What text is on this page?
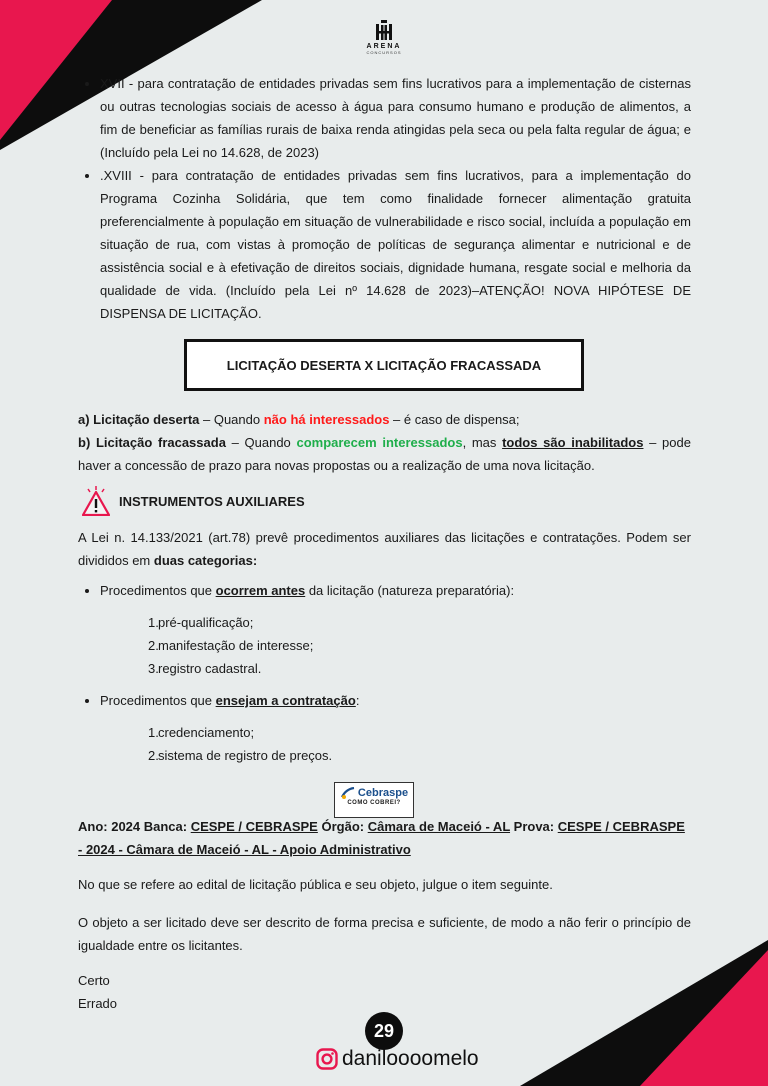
ARENA
CONCURSOS
• XVII - para contratação de entidades privadas sem fins lucrativos para a implementação de cisternas ou outras tecnologias sociais de acesso à água para consumo humano e produção de alimentos, a fim de beneficiar as famílias rurais de baixa renda atingidas pela seca ou pela falta regular de água; e (Incluído pela Lei no 14.628, de 2023)
• .XVIII - para contratação de entidades privadas sem fins lucrativos, para a implementação do Programa Cozinha Solidária, que tem como finalidade fornecer alimentação gratuita preferencialmente à população em situação de vulnerabilidade e risco social, incluída a população em situação de rua, com vistas à promoção de políticas de segurança alimentar e nutricional e de assistência social e à efetivação de direitos sociais, dignidade humana, resgate social e melhoria da qualidade de vida. (Incluído pela Lei nº 14.628 de 2023)–ATENÇÃO! NOVA HIPÓTESE DE DISPENSA DE LICITAÇÃO.
LICITAÇÃO DESERTA X LICITAÇÃO FRACASSADA

a) Licitação deserta – Quando não há interessados – é caso de dispensa;

b) Licitação fracassada – Quando comparecem interessados, mas todos são inabilitados – pode haver a concessão de prazo para novas propostas ou a realização de uma nova licitação.

INSTRUMENTOS AUXILIARES

A Lei n. 14.133/2021 (art.78) prevê procedimentos auxiliares das licitações e contratações. Podem ser divididos em duas categorias:

• Procedimentos que ocorrem antes da licitação (natureza preparatória):
1.pré-qualificação;
2.manifestação de interesse;
3.registro cadastral.
• Procedimentos que ensejam a contratação:
1.credenciamento;
2.sistema de registro de preços.
Cebraspe
COMO COBREI?

Ano: 2024 Banca: CESPE / CEBRASPE Órgão: Câmara de Maceió - AL Prova: CESPE / CEBRASPE - 2024 - Câmara de Maceió - AL - Apoio Administrativo

No que se refere ao edital de licitação pública e seu objeto, julgue o item seguinte.
O objeto a ser licitado deve ser descrito de forma precisa e suficiente, de modo a não ferir o princípio de igualdade entre os licitantes.
Certo
Errado
29
daniloooomelo
